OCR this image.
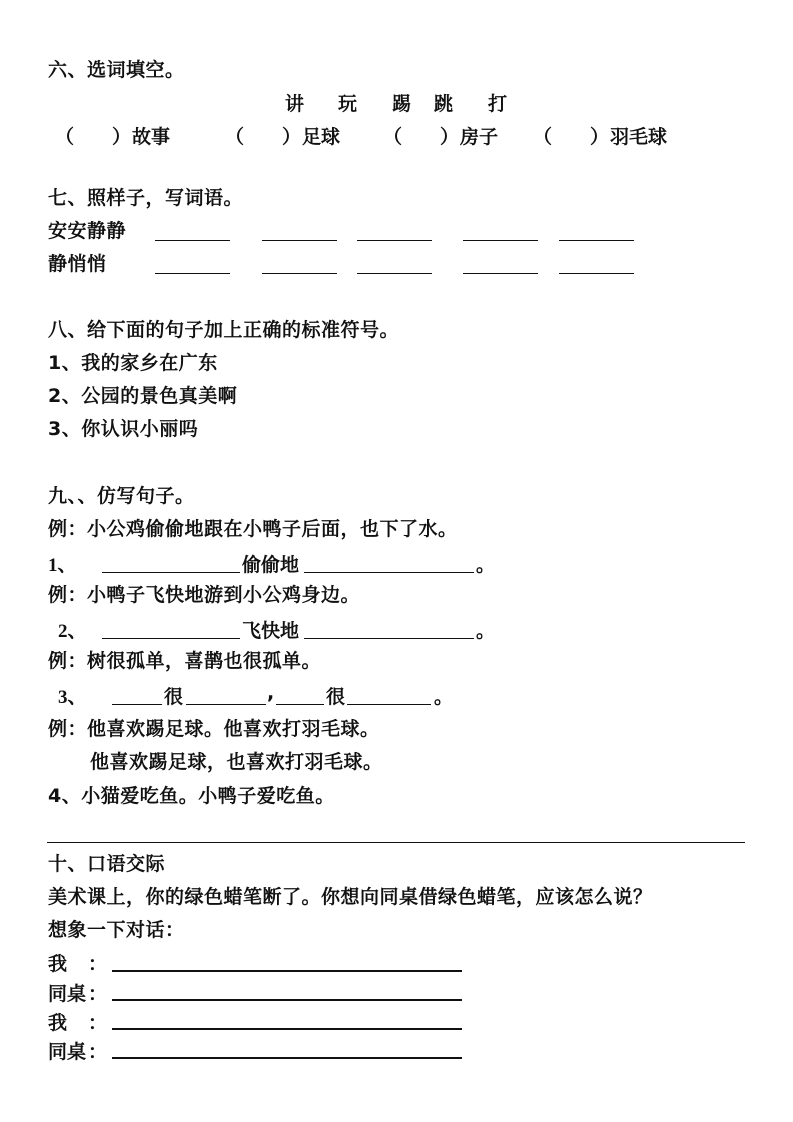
六、选词填空。
讲 玩 踢 跳 打
（ ） 故事	（ ） 足球 （ ） 房子 （ ） 羽毛球
七、照样子，写词语。
安安静静
静悄悄
八、给下面的句子加上正确的标准符号。
1、我的家乡在广东
2、公园的景色真美啊
3、你认识小丽吗
九、、仿写句子。
例：小公鸡偷偷地跟在小鸭子后面，也下了水。
1、	偷偷地	。
例：小鸭子飞快地游到小公鸡身边。
2、	飞快地	。
例：树很孤单，喜鹊也很孤单。
3、	很	,	很	。
例：他喜欢踢足球。他喜欢打羽毛球。
他喜欢踢足球，也喜欢打羽毛球。
4、小猫爱吃鱼。小鸭子爱吃鱼。
十、口语交际
美术课上，你的绿色蜡笔断了。你想向同桌借绿色蜡笔，应该怎么说？
想象一下对话：
我 ：
同桌 ：
我 ：
同桌 ：
